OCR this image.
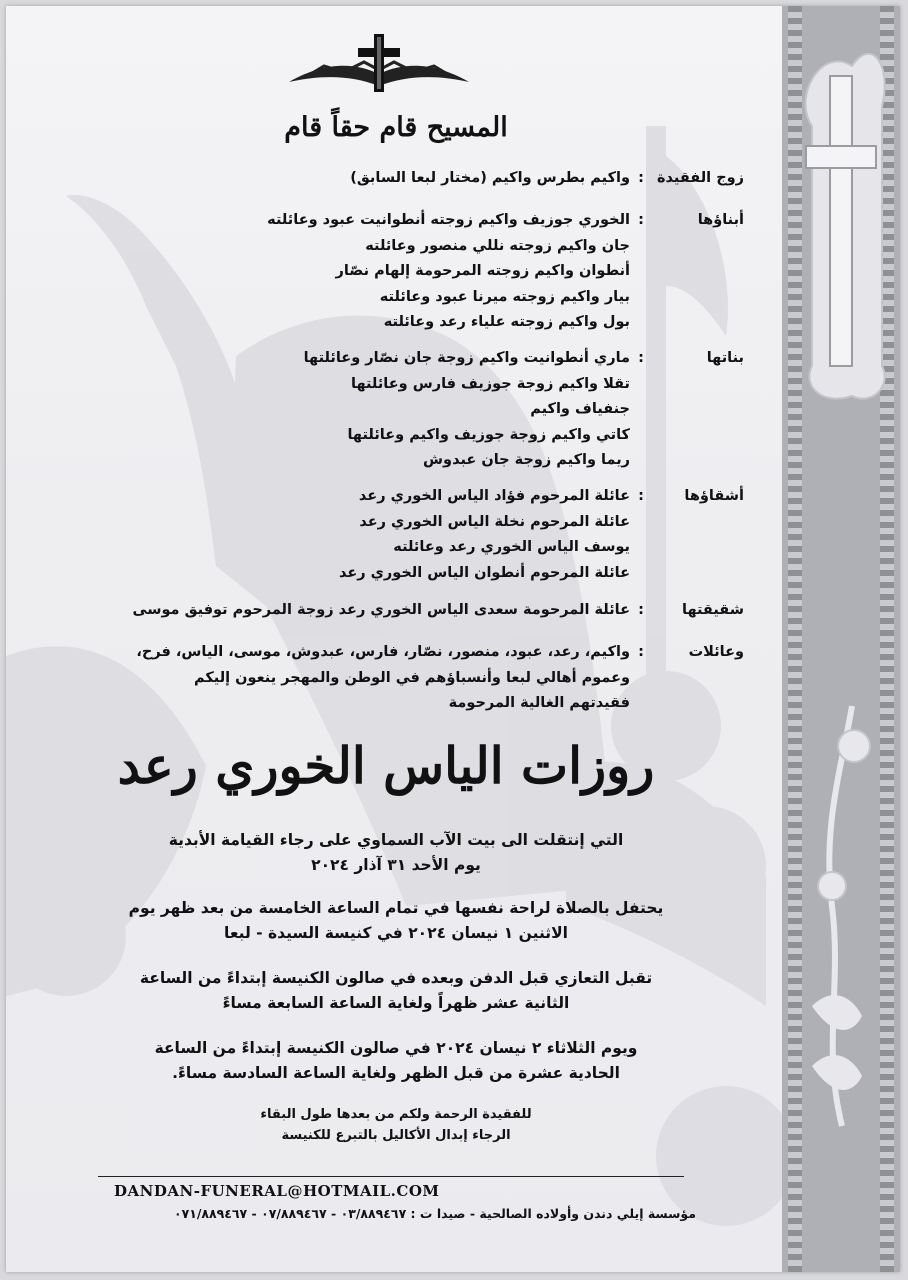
المسيح قام حقاً قام
زوج الفقيدة
:
واكيم بطرس واكيم (مختار لبعا السابق)
أبناؤها
:
الخوري جوزيف واكيم زوجته أنطوانيت عبود وعائلته
جان واكيم زوجته نللي منصور وعائلته
أنطوان واكيم زوجته المرحومة إلهام نصّار
بيار واكيم زوجته ميرنا عبود وعائلته
بول واكيم زوجته علياء رعد وعائلته
بناتها
:
ماري أنطوانيت واكيم زوجة جان نصّار وعائلتها
تقلا واكيم زوجة جوزيف فارس وعائلتها
جنفياف واكيم
كاتي واكيم زوجة جوزيف واكيم وعائلتها
ريما واكيم زوجة جان عبدوش
أشقاؤها
:
عائلة المرحوم فؤاد الياس الخوري رعد
عائلة المرحوم نخلة الياس الخوري رعد
يوسف الياس الخوري رعد وعائلته
عائلة المرحوم أنطوان الياس الخوري رعد
شقيقتها
:
عائلة المرحومة سعدى الياس الخوري رعد زوجة المرحوم توفيق موسى
وعائلات
:
واكيم، رعد، عبود، منصور، نصّار، فارس، عبدوش، موسى، الياس، فرح،
وعموم أهالي لبعا وأنسباؤهم في الوطن والمهجر ينعون إليكم
فقيدتهم الغالية المرحومة
روزات الياس الخوري رعد
التي إنتقلت الى بيت الآب السماوي على رجاء القيامة الأبدية
يوم الأحد ٣١ آذار ٢٠٢٤
يحتفل بالصلاة لراحة نفسها في تمام الساعة الخامسة من بعد ظهر يوم
الاثنين ١ نيسان ٢٠٢٤ في كنيسة السيدة - لبعا
تقبل التعازي قبل الدفن وبعده في صالون الكنيسة إبتداءً من الساعة
الثانية عشر ظهراً ولغاية الساعة السابعة مساءً
ويوم الثلاثاء ٢ نيسان ٢٠٢٤ في صالون الكنيسة إبتداءً من الساعة
الحادية عشرة من قبل الظهر ولغاية الساعة السادسة مساءً.
للفقيدة الرحمة ولكم من بعدها طول البقاء
الرجاء إبدال الأكاليل بالتبرع للكنيسة
DANDAN-FUNERAL@HOTMAIL.COM
مؤسسة إيلي دندن وأولاده الصالحية - صيدا ت : ٠٣/٨٨٩٤٦٧ - ٠٧/٨٨٩٤٦٧ - ٠٧١/٨٨٩٤٦٧
